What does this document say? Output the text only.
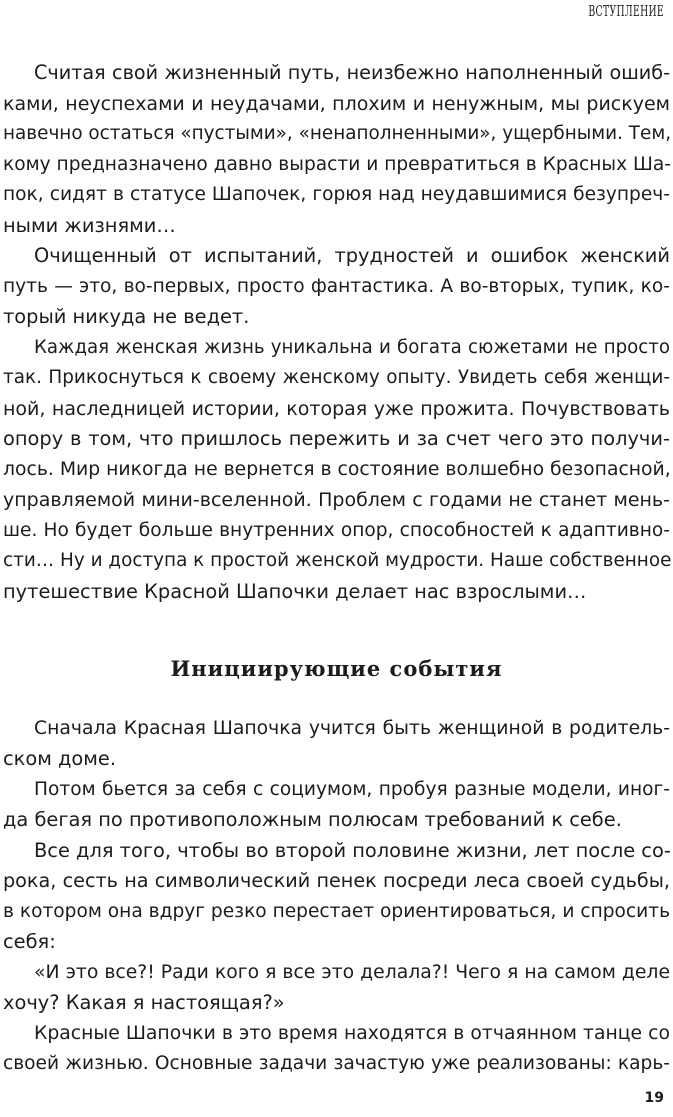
ВСТУПЛЕНИЕ
Считая свой жизненный путь, неизбежно наполненный ошиб-
ками, неуспехами и неудачами, плохим и ненужным, мы рискуем
навечно остаться «пустыми», «ненаполненными», ущербными. Тем,
кому предназначено давно вырасти и превратиться в Красных Ша-
пок, сидят в статусе Шапочек, горюя над неудавшимися безупреч-
ными жизнями…
Очищенный от испытаний, трудностей и ошибок женский
путь — это, во-первых, просто фантастика. А во-вторых, тупик, ко-
торый никуда не ведет.
Каждая женская жизнь уникальна и богата сюжетами не просто
так. Прикоснуться к своему женскому опыту. Увидеть себя женщи-
ной, наследницей истории, которая уже прожита. Почувствовать
опору в том, что пришлось пережить и за счет чего это получи-
лось. Мир никогда не вернется в состояние волшебно безопасной,
управляемой мини-вселенной. Проблем с годами не станет мень-
ше. Но будет больше внутренних опор, способностей к адаптивно-
сти… Ну и доступа к простой женской мудрости. Наше собственное
путешествие Красной Шапочки делает нас взрослыми…
Инициирующие события
Сначала Красная Шапочка учится быть женщиной в родитель-
ском доме.
Потом бьется за себя с социумом, пробуя разные модели, иног-
да бегая по противоположным полюсам требований к себе.
Все для того, чтобы во второй половине жизни, лет после со-
рока, сесть на символический пенек посреди леса своей судьбы,
в котором она вдруг резко перестает ориентироваться, и спросить
себя:
«И это все?! Ради кого я все это делала?! Чего я на самом деле
хочу? Какая я настоящая?»
Красные Шапочки в это время находятся в отчаянном танце со
своей жизнью. Основные задачи зачастую уже реализованы: карь-
19
